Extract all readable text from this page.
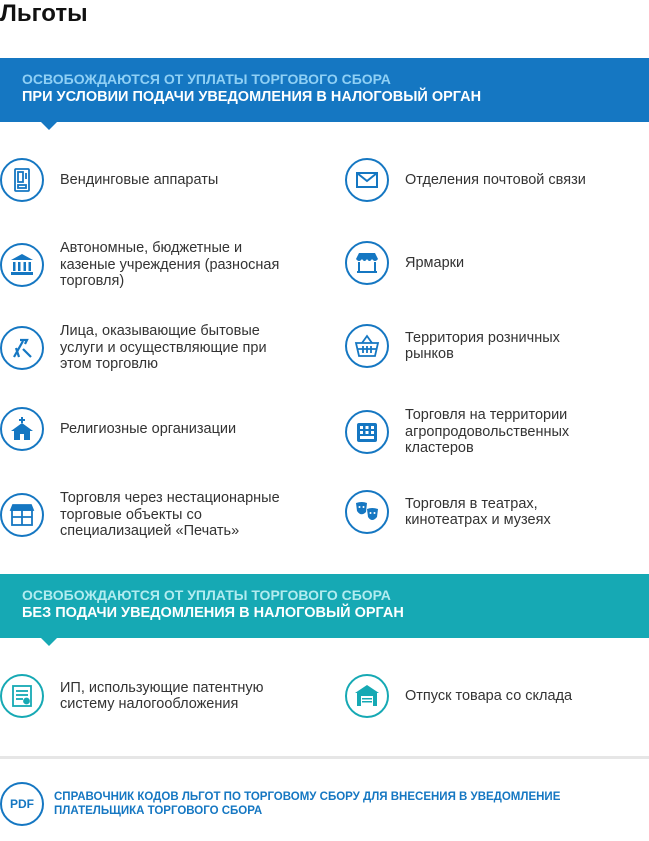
Льготы
ОСВОБОЖДАЮТСЯ ОТ УПЛАТЫ ТОРГОВОГО СБОРА
ПРИ УСЛОВИИ ПОДАЧИ УВЕДОМЛЕНИЯ В НАЛОГОВЫЙ ОРГАН
Вендинговые аппараты
Автономные, бюджетные и казеные учреждения (разносная торговля)
Лица, оказывающие бытовые услуги и осуществляющие при этом торговлю
Религиозные организации
Торговля через нестационарные торговые объекты со специализацией «Печать»
Отделения почтовой связи
Ярмарки
Территория розничных рынков
Торговля на территории агропродовольственных кластеров
Торговля в театрах, кинотеатрах и музеях
ОСВОБОЖДАЮТСЯ ОТ УПЛАТЫ ТОРГОВОГО СБОРА
БЕЗ ПОДАЧИ УВЕДОМЛЕНИЯ В НАЛОГОВЫЙ ОРГАН
ИП, использующие патентную систему налогообложения
Отпуск товара со склада
PDF	СПРАВОЧНИК КОДОВ ЛЬГОТ ПО ТОРГОВОМУ СБОРУ ДЛЯ ВНЕСЕНИЯ В УВЕДОМЛЕНИЕ ПЛАТЕЛЬЩИКА ТОРГОВОГО СБОРА
